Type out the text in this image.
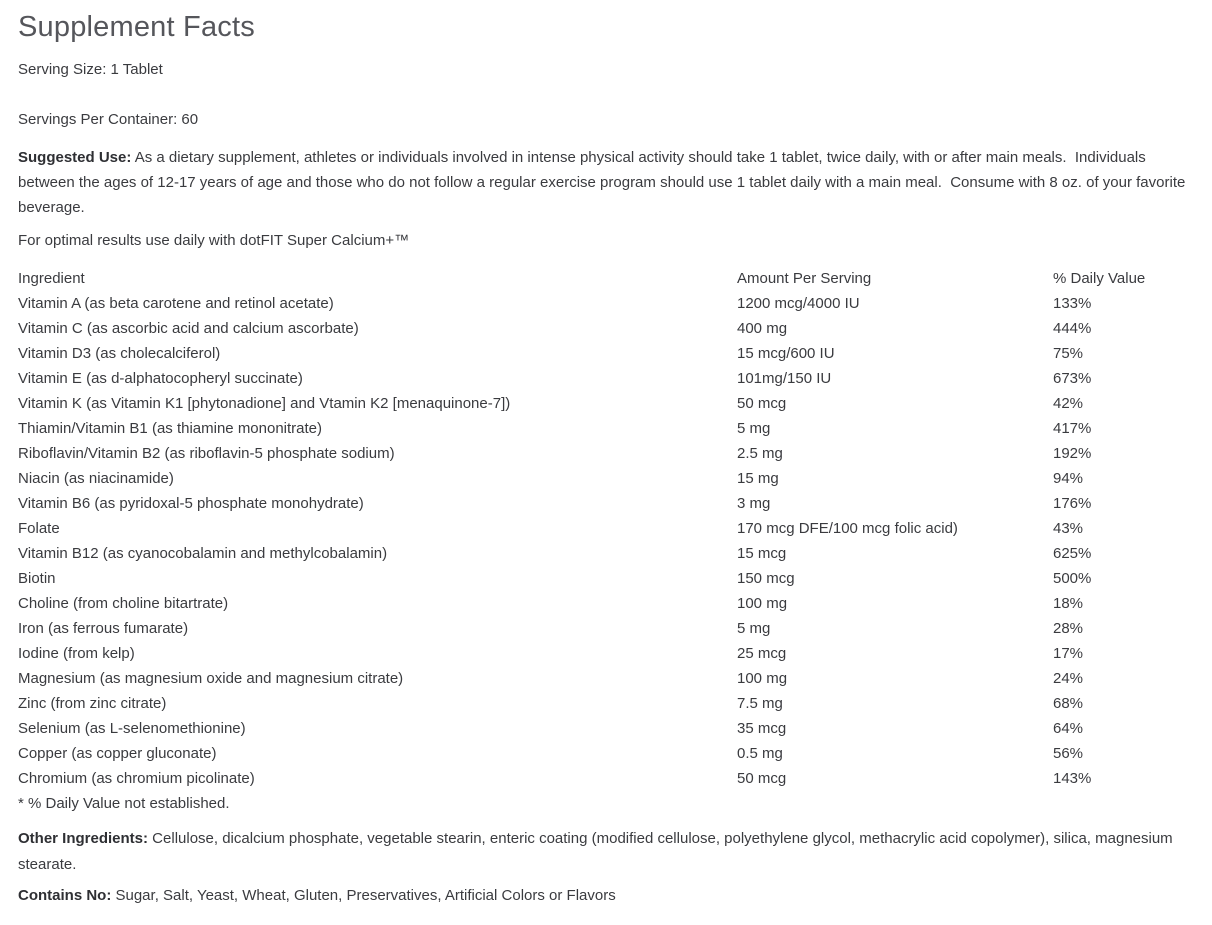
Supplement Facts
Serving Size: 1 Tablet
Servings Per Container: 60

Suggested Use: As a dietary supplement, athletes or individuals involved in intense physical activity should take 1 tablet, twice daily, with or after main meals.  Individuals between the ages of 12-17 years of age and those who do not follow a regular exercise program should use 1 tablet daily with a main meal.  Consume with 8 oz. of your favorite beverage.

For optimal results use daily with dotFIT Super Calcium+™
Ingredient	Amount Per Serving	% Daily Value
Vitamin A (as beta carotene and retinol acetate)	1200 mcg/4000 IU	133%
Vitamin C (as ascorbic acid and calcium ascorbate)	400 mg	444%
Vitamin D3 (as cholecalciferol)	15 mcg/600 IU	75%
Vitamin E (as d-alphatocopheryl succinate)	101mg/150 IU	673%
Vitamin K (as Vitamin K1 [phytonadione] and Vtamin K2 [menaquinone-7])	50 mcg	42%
Thiamin/Vitamin B1 (as thiamine mononitrate)	5 mg	417%
Riboflavin/Vitamin B2 (as riboflavin-5 phosphate sodium)	2.5 mg	192%
Niacin (as niacinamide)	15 mg	94%
Vitamin B6 (as pyridoxal-5 phosphate monohydrate)	3 mg	176%
Folate	170 mcg DFE/100 mcg folic acid)	43%
Vitamin B12 (as cyanocobalamin and methylcobalamin)	15 mcg	625%
Biotin	150 mcg	500%
Choline (from choline bitartrate)	100 mg	18%
Iron (as ferrous fumarate)	5 mg	28%
Iodine (from kelp)	25 mcg	17%
Magnesium (as magnesium oxide and magnesium citrate)	100 mg	24%
Zinc (from zinc citrate)	7.5 mg	68%
Selenium (as L-selenomethionine)	35 mcg	64%
Copper (as copper gluconate)	0.5 mg	56%
Chromium (as chromium picolinate)	50 mcg	143%
* % Daily Value not established.

Other Ingredients: Cellulose, dicalcium phosphate, vegetable stearin, enteric coating (modified cellulose, polyethylene glycol, methacrylic acid copolymer), silica, magnesium stearate.

Contains No: Sugar, Salt, Yeast, Wheat, Gluten, Preservatives, Artificial Colors or Flavors
